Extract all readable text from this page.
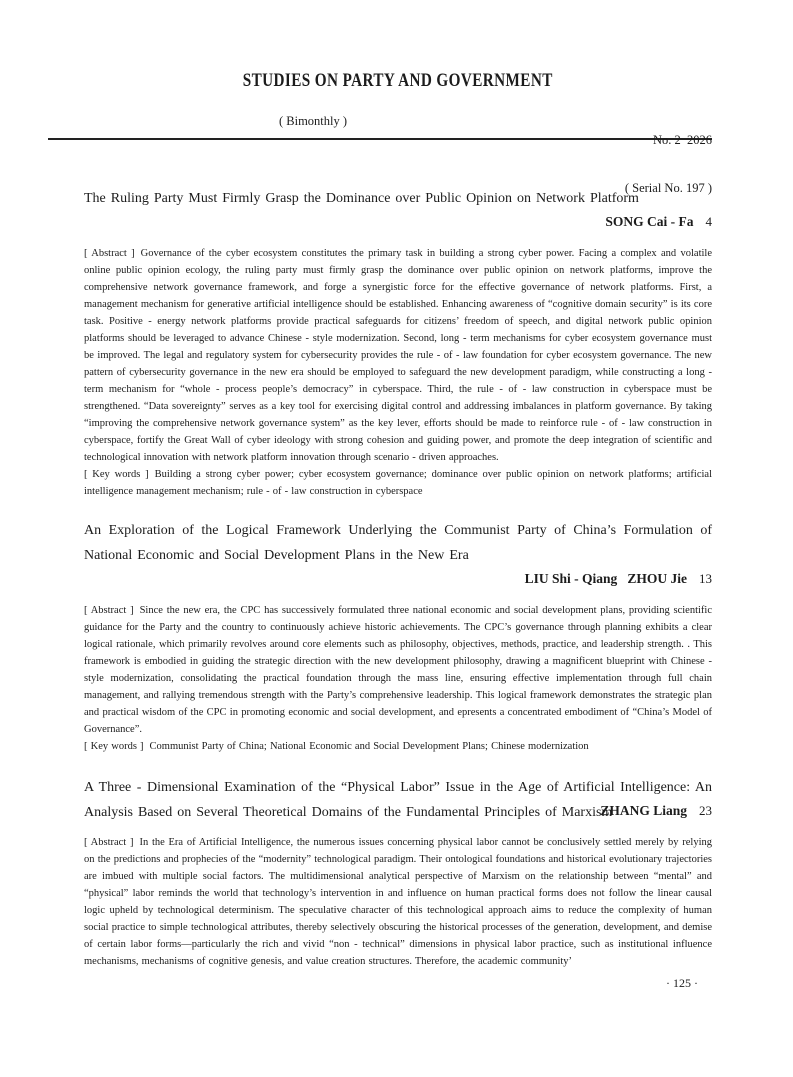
STUDIES ON PARTY AND GOVERNMENT
( Bimonthly )

No. 2  2026

( Serial No. 197 )

The Ruling Party Must Firmly Grasp the Dominance over Public Opinion on Network Platform
SONG Cai - Fa 4

[ Abstract ] Governance of the cyber ecosystem constitutes the primary task in building a strong cyber power. Facing a complex and volatile online public opinion ecology, the ruling party must firmly grasp the dominance over public opinion on network platforms, improve the comprehensive network governance framework, and forge a synergistic force for the effective governance of network platforms. First, a management mechanism for generative artificial intelligence should be established. Enhancing awareness of “cognitive domain security” is its core task. Positive - energy network platforms provide practical safeguards for citizens’ freedom of speech, and digital network public opinion platforms should be leveraged to advance Chinese - style modernization. Second, long - term mechanisms for cyber ecosystem governance must be improved. The legal and regulatory system for cybersecurity provides the rule - of - law foundation for cyber ecosystem governance. The new pattern of cybersecurity governance in the new era should be employed to safeguard the new development paradigm, while constructing a long - term mechanism for “whole - process people’s democracy” in cyberspace. Third, the rule - of - law construction in cyberspace must be strengthened. “Data sovereignty” serves as a key tool for exercising digital control and addressing imbalances in platform governance. By taking “improving the comprehensive network governance system” as the key lever, efforts should be made to reinforce rule - of - law construction in cyberspace, fortify the Great Wall of cyber ideology with strong cohesion and guiding power, and promote the deep integration of scientific and technological innovation with network platform innovation through scenario - driven approaches.

[ Key words ] Building a strong cyber power; cyber ecosystem governance; dominance over public opinion on network platforms; artificial intelligence management mechanism; rule - of - law construction in cyberspace

An Exploration of the Logical Framework Underlying the Communist Party of China’s Formulation of National Economic and Social Development Plans in the New Era
LIU Shi - Qiang   ZHOU Jie 13

[ Abstract ] Since the new era, the CPC has successively formulated three national economic and social development plans, providing scientific guidance for the Party and the country to continuously achieve historic achievements. The CPC’s governance through planning exhibits a clear logical rationale, which primarily revolves around core elements such as philosophy, objectives, methods, practice, and leadership strength. . This framework is embodied in guiding the strategic direction with the new development philosophy, drawing a magnificent blueprint with Chinese - style modernization, consolidating the practical foundation through the mass line, ensuring effective implementation through full chain management, and rallying tremendous strength with the Party’s comprehensive leadership. This logical framework demonstrates the strategic plan and practical wisdom of the CPC in promoting economic and social development, and epresents a concentrated embodiment of “China’s Model of Governance”.

[ Key words ] Communist Party of China; National Economic and Social Development Plans; Chinese modernization

A Three - Dimensional Examination of the “Physical Labor” Issue in the Age of Artificial Intelligence: An Analysis Based on Several Theoretical Domains of the Fundamental Principles of Marxism
ZHANG Liang 23

[ Abstract ] In the Era of Artificial Intelligence, the numerous issues concerning physical labor cannot be conclusively settled merely by relying on the predictions and prophecies of the “modernity” technological paradigm. Their ontological foundations and historical evolutionary trajectories are imbued with multiple social factors. The multidimensional analytical perspective of Marxism on the relationship between “mental” and “physical” labor reminds the world that technology’s intervention in and influence on human practical forms does not follow the linear causal logic upheld by technological determinism. The speculative character of this technological approach aims to reduce the complexity of human social practice to simple technological attributes, thereby selectively obscuring the historical processes of the generation, development, and demise of certain labor forms—particularly the rich and vivid “non - technical” dimensions in physical labor practice, such as institutional influence mechanisms, mechanisms of cognitive genesis, and value creation structures. Therefore, the academic community’

· 125 ·
